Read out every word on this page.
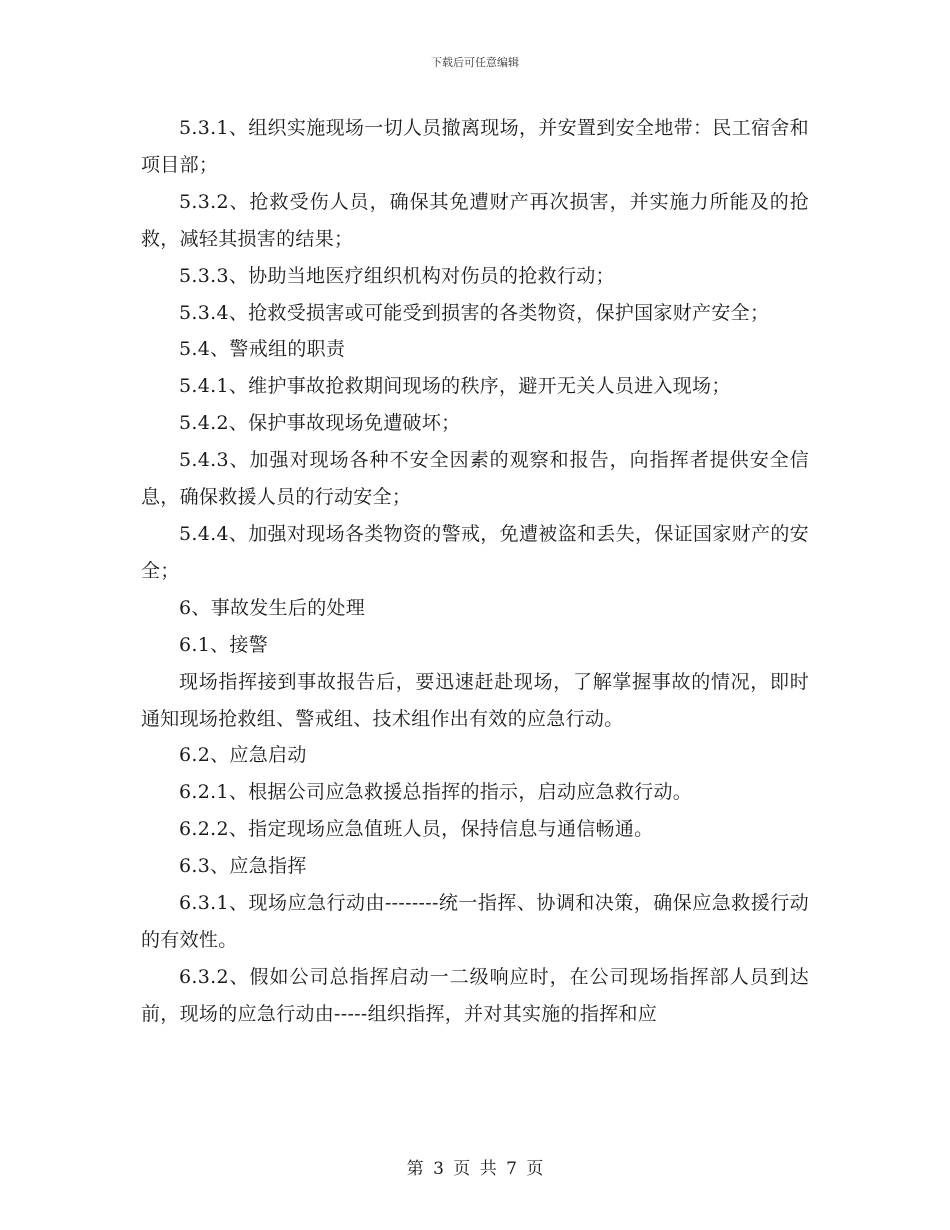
下载后可任意编辑

5.3.1、组织实施现场一切人员撤离现场，并安置到安全地带：民工宿舍和项目部；

5.3.2、抢救受伤人员，确保其免遭财产再次损害，并实施力所能及的抢救，减轻其损害的结果；

5.3.3、协助当地医疗组织机构对伤员的抢救行动；

5.3.4、抢救受损害或可能受到损害的各类物资，保护国家财产安全；

5.4、警戒组的职责

5.4.1、维护事故抢救期间现场的秩序，避开无关人员进入现场；

5.4.2、保护事故现场免遭破坏；

5.4.3、加强对现场各种不安全因素的观察和报告，向指挥者提供安全信息，确保救援人员的行动安全；

5.4.4、加强对现场各类物资的警戒，免遭被盗和丢失，保证国家财产的安全；

6、事故发生后的处理

6.1、接警

现场指挥接到事故报告后，要迅速赶赴现场，了解掌握事故的情况，即时通知现场抢救组、警戒组、技术组作出有效的应急行动。

6.2、应急启动

6.2.1、根据公司应急救援总指挥的指示，启动应急救行动。

6.2.2、指定现场应急值班人员，保持信息与通信畅通。

6.3、应急指挥

6.3.1、现场应急行动由--------统一指挥、协调和决策，确保应急救援行动的有效性。

6.3.2、假如公司总指挥启动一二级响应时，在公司现场指挥部人员到达前，现场的应急行动由-----组织指挥，并对其实施的指挥和应

第 3 页 共 7 页
